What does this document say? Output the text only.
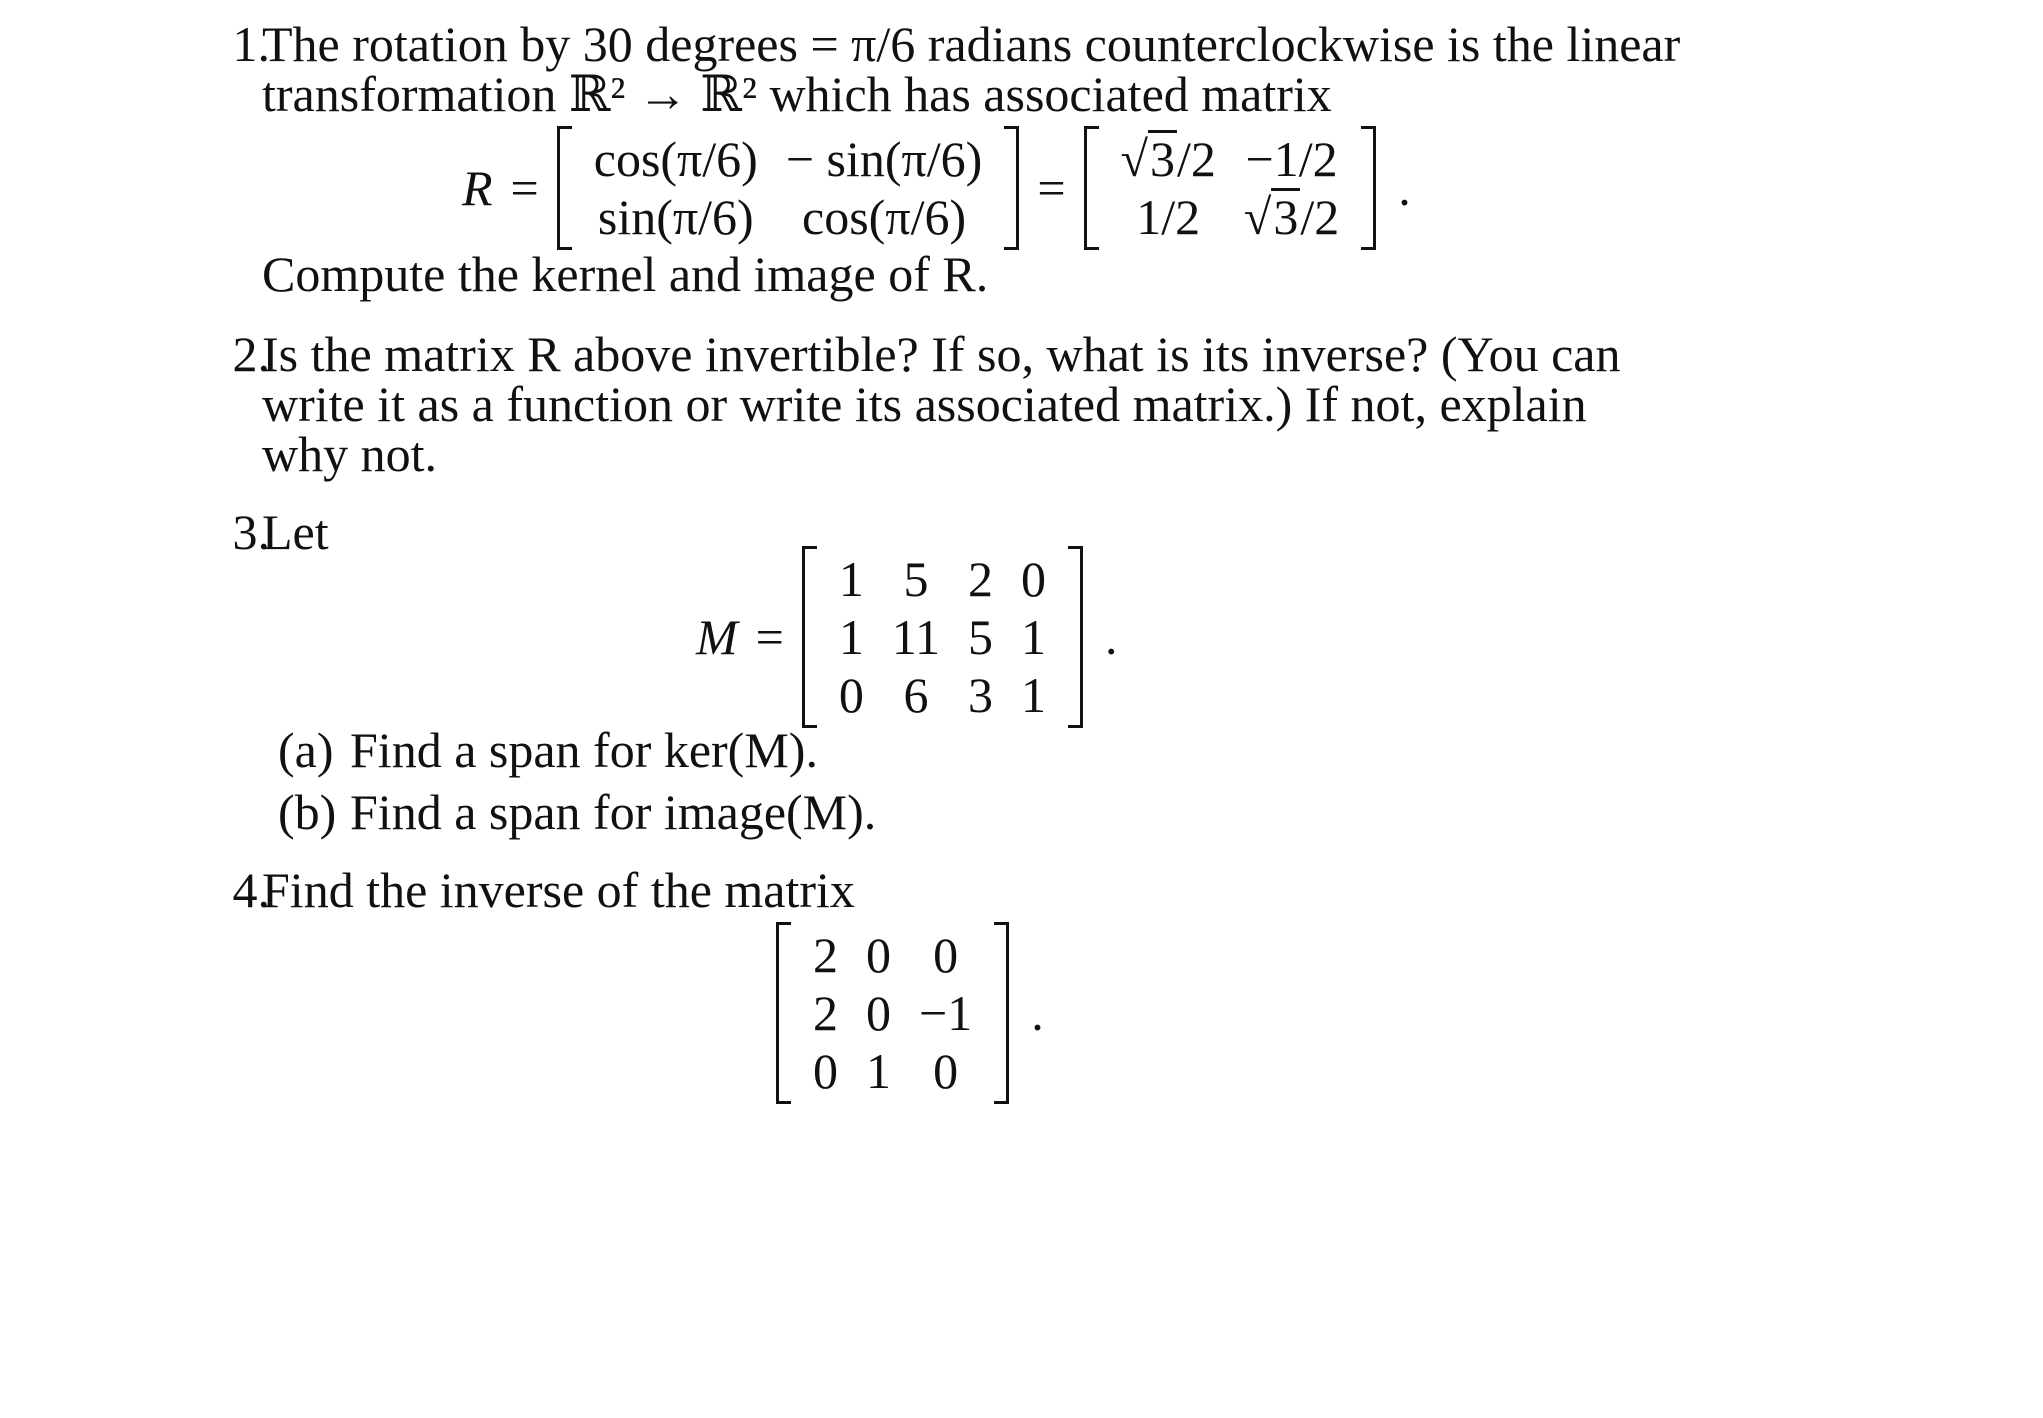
1.
The rotation by 30 degrees = π/6 radians counterclockwise is the linear
transformation ℝ² → ℝ² which has associated matrix
R =
cos(π/6) − sin(π/6)
sin(π/6) cos(π/6)
=
√ 3 /2 −1/2
1/2 √ 3 /2
.
Compute the kernel and image of R.
2.
Is the matrix R above invertible? If so, what is its inverse? (You can
write it as a function or write its associated matrix.) If not, explain
why not.
3.
Let
M =
1 5 2 0
1 11 5 1
0 6 3 1
.
(a) Find a span for ker(M).
(b) Find a span for image(M).
4.
Find the inverse of the matrix
2 0 0
2 0 −1
0 1 0
.
